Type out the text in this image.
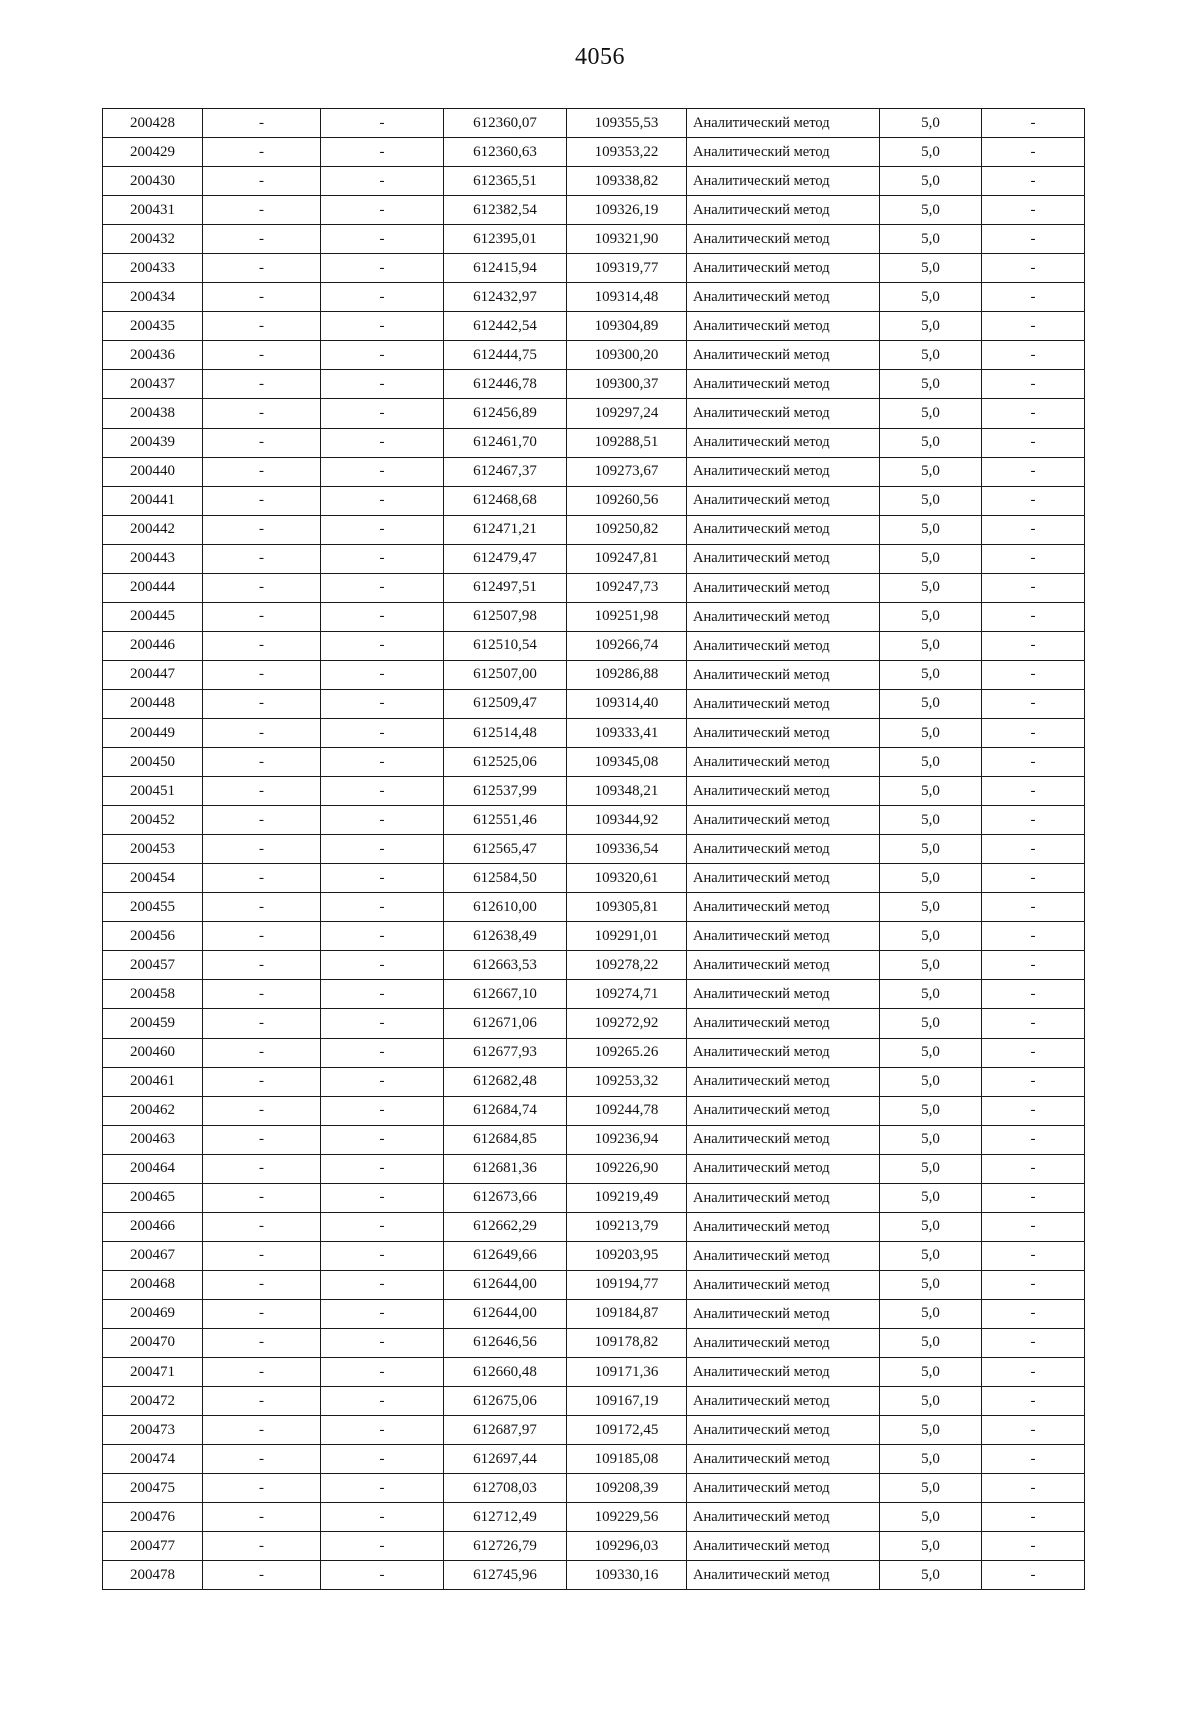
4056
200428	-	-	612360,07	109355,53	Аналитический метод	5,0	-
200429	-	-	612360,63	109353,22	Аналитический метод	5,0	-
200430	-	-	612365,51	109338,82	Аналитический метод	5,0	-
200431	-	-	612382,54	109326,19	Аналитический метод	5,0	-
200432	-	-	612395,01	109321,90	Аналитический метод	5,0	-
200433	-	-	612415,94	109319,77	Аналитический метод	5,0	-
200434	-	-	612432,97	109314,48	Аналитический метод	5,0	-
200435	-	-	612442,54	109304,89	Аналитический метод	5,0	-
200436	-	-	612444,75	109300,20	Аналитический метод	5,0	-
200437	-	-	612446,78	109300,37	Аналитический метод	5,0	-
200438	-	-	612456,89	109297,24	Аналитический метод	5,0	-
200439	-	-	612461,70	109288,51	Аналитический метод	5,0	-
200440	-	-	612467,37	109273,67	Аналитический метод	5,0	-
200441	-	-	612468,68	109260,56	Аналитический метод	5,0	-
200442	-	-	612471,21	109250,82	Аналитический метод	5,0	-
200443	-	-	612479,47	109247,81	Аналитический метод	5,0	-
200444	-	-	612497,51	109247,73	Аналитический метод	5,0	-
200445	-	-	612507,98	109251,98	Аналитический метод	5,0	-
200446	-	-	612510,54	109266,74	Аналитический метод	5,0	-
200447	-	-	612507,00	109286,88	Аналитический метод	5,0	-
200448	-	-	612509,47	109314,40	Аналитический метод	5,0	-
200449	-	-	612514,48	109333,41	Аналитический метод	5,0	-
200450	-	-	612525,06	109345,08	Аналитический метод	5,0	-
200451	-	-	612537,99	109348,21	Аналитический метод	5,0	-
200452	-	-	612551,46	109344,92	Аналитический метод	5,0	-
200453	-	-	612565,47	109336,54	Аналитический метод	5,0	-
200454	-	-	612584,50	109320,61	Аналитический метод	5,0	-
200455	-	-	612610,00	109305,81	Аналитический метод	5,0	-
200456	-	-	612638,49	109291,01	Аналитический метод	5,0	-
200457	-	-	612663,53	109278,22	Аналитический метод	5,0	-
200458	-	-	612667,10	109274,71	Аналитический метод	5,0	-
200459	-	-	612671,06	109272,92	Аналитический метод	5,0	-
200460	-	-	612677,93	109265.26	Аналитический метод	5,0	-
200461	-	-	612682,48	109253,32	Аналитический метод	5,0	-
200462	-	-	612684,74	109244,78	Аналитический метод	5,0	-
200463	-	-	612684,85	109236,94	Аналитический метод	5,0	-
200464	-	-	612681,36	109226,90	Аналитический метод	5,0	-
200465	-	-	612673,66	109219,49	Аналитический метод	5,0	-
200466	-	-	612662,29	109213,79	Аналитический метод	5,0	-
200467	-	-	612649,66	109203,95	Аналитический метод	5,0	-
200468	-	-	612644,00	109194,77	Аналитический метод	5,0	-
200469	-	-	612644,00	109184,87	Аналитический метод	5,0	-
200470	-	-	612646,56	109178,82	Аналитический метод	5,0	-
200471	-	-	612660,48	109171,36	Аналитический метод	5,0	-
200472	-	-	612675,06	109167,19	Аналитический метод	5,0	-
200473	-	-	612687,97	109172,45	Аналитический метод	5,0	-
200474	-	-	612697,44	109185,08	Аналитический метод	5,0	-
200475	-	-	612708,03	109208,39	Аналитический метод	5,0	-
200476	-	-	612712,49	109229,56	Аналитический метод	5,0	-
200477	-	-	612726,79	109296,03	Аналитический метод	5,0	-
200478	-	-	612745,96	109330,16	Аналитический метод	5,0	-
